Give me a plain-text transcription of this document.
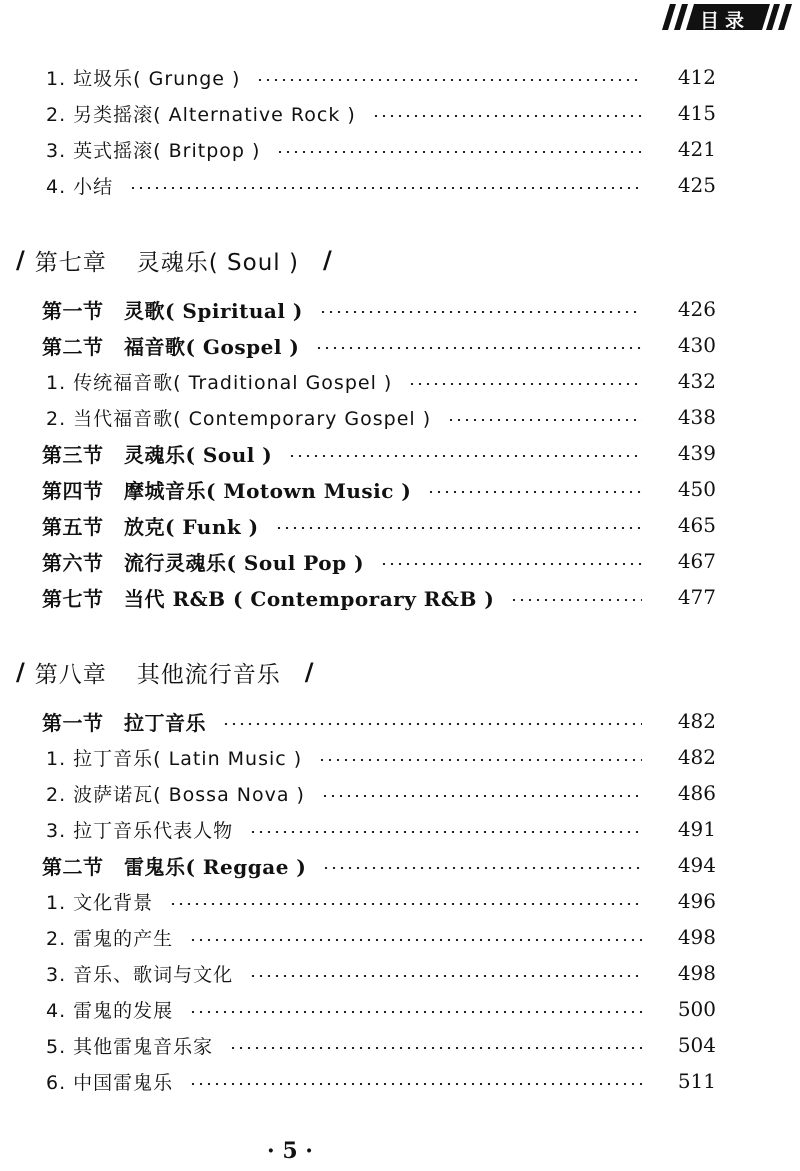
目录
1. 垃圾乐( Grunge )	412
2. 另类摇滚( Alternative Rock )	415
3. 英式摇滚( Britpop )	421
4. 小结	425
/ 第七章 灵魂乐( Soul )	/
第一节　灵歌( Spiritual )	426
第二节　福音歌( Gospel )	430
1. 传统福音歌( Traditional Gospel )	432
2. 当代福音歌( Contemporary Gospel )	438
第三节　灵魂乐( Soul )	439
第四节　摩城音乐( Motown Music )	450
第五节　放克( Funk )	465
第六节　流行灵魂乐( Soul Pop )	467
第七节　当代 R&B ( Contemporary R&B )	477
/ 第八章 其他流行音乐	/
第一节　拉丁音乐	482
1. 拉丁音乐( Latin Music )	482
2. 波萨诺瓦( Bossa Nova )	486
3. 拉丁音乐代表人物	491
第二节　雷鬼乐( Reggae )	494
1. 文化背景	496
2. 雷鬼的产生	498
3. 音乐、歌词与文化	498
4. 雷鬼的发展	500
5. 其他雷鬼音乐家	504
6. 中国雷鬼乐	511
· 5 ·
